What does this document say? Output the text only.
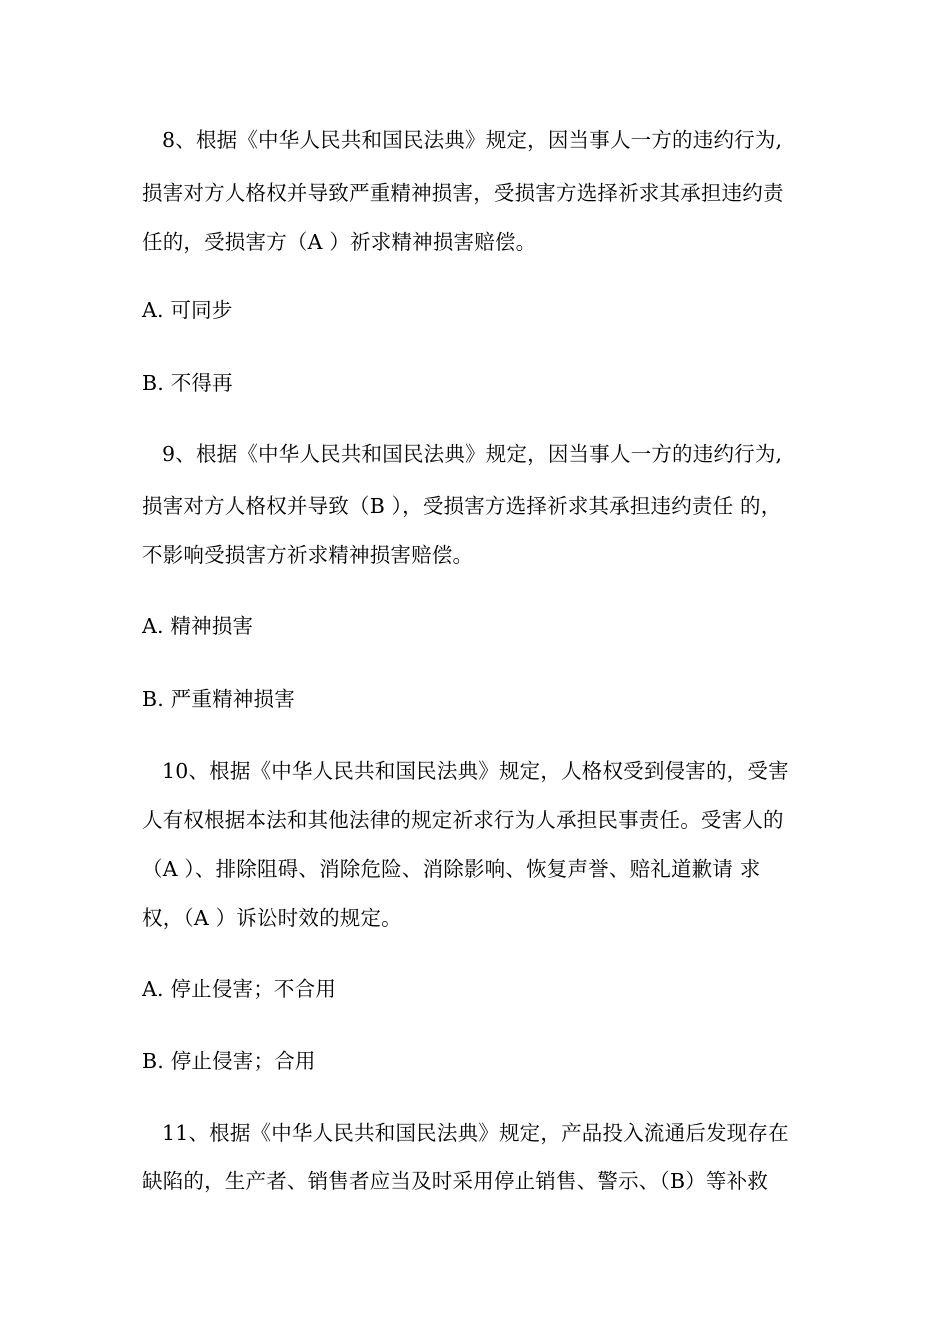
8、根据《中华人民共和国民法典》规定，因当事人一方的违约行为,
损害对方人格权并导致严重精神损害，受损害方选择祈求其承担违约责
任的，受损害方（A ）祈求精神损害赔偿。
A. 可同步
B. 不得再
9、根据《中华人民共和国民法典》规定，因当事人一方的违约行为,
损害对方人格权并导致（B ），受损害方选择祈求其承担违约责任 的，
不影响受损害方祈求精神损害赔偿。
A. 精神损害
B. 严重精神损害
10、根据《中华人民共和国民法典》规定，人格权受到侵害的，受害
人有权根据本法和其他法律的规定祈求行为人承担民事责任。受害人的
（A ）、排除阻碍、消除危险、消除影响、恢复声誉、赔礼道歉请 求
权，（A ）诉讼时效的规定。
A. 停止侵害；不合用
B. 停止侵害；合用
11、根据《中华人民共和国民法典》规定，产品投入流通后发现存在
缺陷的，生产者、销售者应当及时采用停止销售、警示、（B）等补救
